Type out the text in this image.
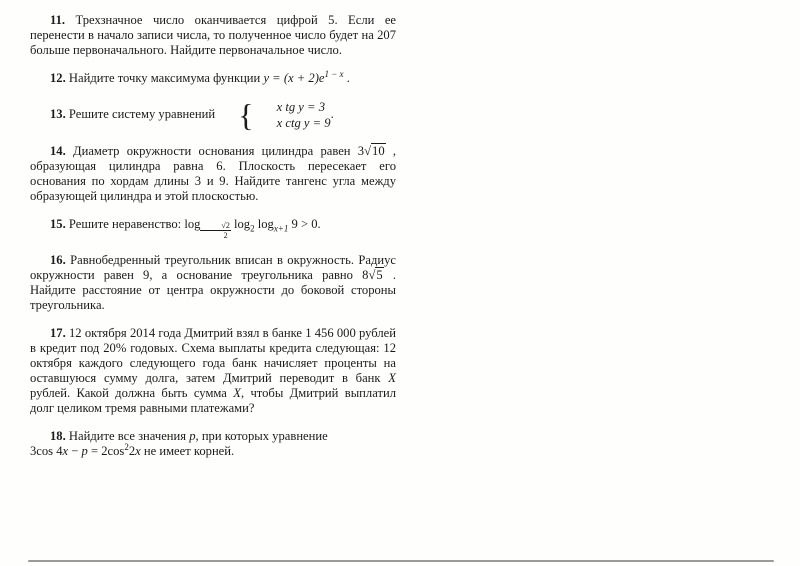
11. Трехзначное число оканчивается цифрой 5. Если ее перенести в начало записи числа, то полученное число будет на 207 больше первоначального. Найдите первоначальное число.

12. Найдите точку максимума функции $y = (x + 2)e^{1 - x}$ .

13. Решите систему уравнений {	x tg y = 3
x ctg y = 9
.

14. Диаметр окружности основания цилиндра равен 3√10 , образующая цилиндра равна 6. Плоскость пересекает его основания по хордам длины 3 и 9. Найдите тангенс угла между образующей цилиндра и этой плоскостью.

15. Решите неравенство: $\log \frac{√2}{2} \log_2 \log_{x+1} 9 > 0$.

16. Равнобедренный треугольник вписан в окружность. Радиус окружности равен 9, а основание треугольника равно 8√5 . Найдите расстояние от центра окружности до боковой стороны треугольника.

17. 12 октября 2014 года Дмитрий взял в банке 1 456 000 рублей в кредит под 20% годовых. Схема выплаты кредита следующая: 12 октября каждого следующего года банк начисляет проценты на оставшуюся сумму долга, затем Дмитрий переводит в банк X рублей. Какой должна быть сумма X, чтобы Дмитрий выплатил долг целиком тремя равными платежами?

18. Найдите все значения p, при которых уравнение
3cos $4x - p = 2\cos^22x$ не имеет корней.
